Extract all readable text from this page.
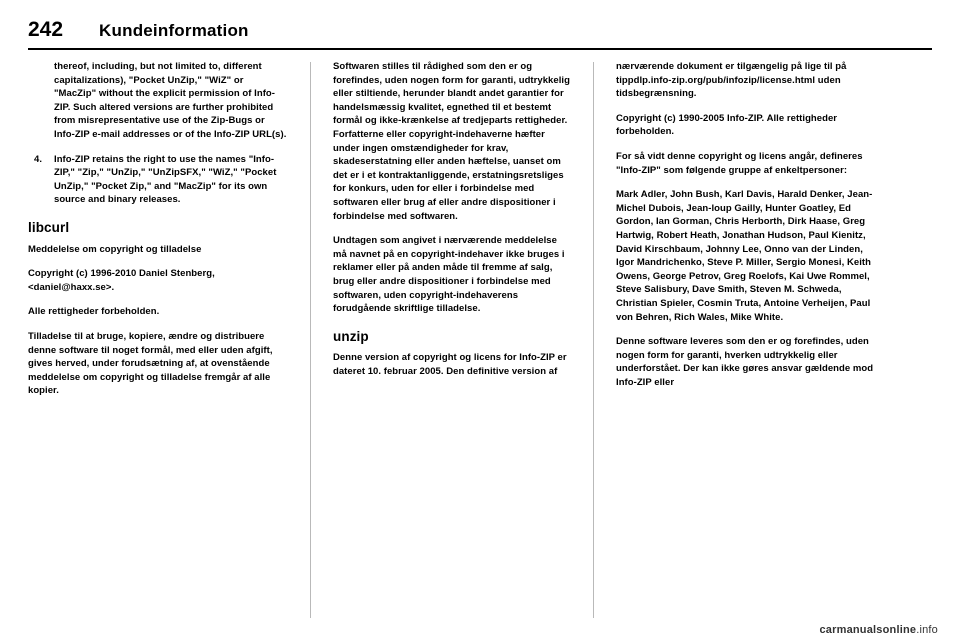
242 Kundeinformation

thereof, including, but not limited to, different capitalizations), "Pocket UnZip," "WiZ" or "MacZip" without the explicit permission of Info-ZIP. Such altered versions are further prohibited from misrepresentative use of the Zip-Bugs or Info-ZIP e-mail addresses or of the Info-ZIP URL(s).

4. Info-ZIP retains the right to use the names "Info-ZIP," "Zip," "UnZip," "UnZipSFX," "WiZ," "Pocket UnZip," "Pocket Zip," and "MacZip" for its own source and binary releases.
libcurl

Meddelelse om copyright og tilladelse

Copyright (c) 1996-2010 Daniel Stenberg, <daniel@haxx.se>.

Alle rettigheder forbeholden.

Tilladelse til at bruge, kopiere, ændre og distribuere denne software til noget formål, med eller uden afgift, gives herved, under forudsætning af, at ovenstående meddelelse om copyright og tilladelse fremgår af alle kopier.

Softwaren stilles til rådighed som den er og forefindes, uden nogen form for garanti, udtrykkelig eller stiltiende, herunder blandt andet garantier for handelsmæssig kvalitet, egnethed til et bestemt formål og ikke-krænkelse af tredjeparts rettigheder. Forfatterne eller copyright-indehaverne hæfter under ingen omstændigheder for krav, skadeserstatning eller anden hæftelse, uanset om det er i et kontraktanliggende, erstatningsretsliges for konkurs, uden for eller i forbindelse med softwaren eller brug af eller andre dispositioner i forbindelse med softwaren.

Undtagen som angivet i nærværende meddelelse må navnet på en copyright-indehaver ikke bruges i reklamer eller på anden måde til fremme af salg, brug eller andre dispositioner i forbindelse med softwaren, uden copyright-indehaverens forudgående skriftlige tilladelse.

unzip

Denne version af copyright og licens for Info-ZIP er dateret 10. februar 2005. Den definitive version af

nærværende dokument er tilgængelig på lige til på tippdlp.info-zip.org/pub/infozip/license.html uden tidsbegrænsning.

Copyright (c) 1990-2005 Info-ZIP. Alle rettigheder forbeholden.

For så vidt denne copyright og licens angår, defineres "Info-ZIP" som følgende gruppe af enkeltpersoner:

Mark Adler, John Bush, Karl Davis, Harald Denker, Jean-Michel Dubois, Jean-loup Gailly, Hunter Goatley, Ed Gordon, Ian Gorman, Chris Herborth, Dirk Haase, Greg Hartwig, Robert Heath, Jonathan Hudson, Paul Kienitz, David Kirschbaum, Johnny Lee, Onno van der Linden, Igor Mandrichenko, Steve P. Miller, Sergio Monesi, Keith Owens, George Petrov, Greg Roelofs, Kai Uwe Rommel, Steve Salisbury, Dave Smith, Steven M. Schweda, Christian Spieler, Cosmin Truta, Antoine Verheijen, Paul von Behren, Rich Wales, Mike White.

Denne software leveres som den er og forefindes, uden nogen form for garanti, hverken udtrykkelig eller underforstået. Der kan ikke gøres ansvar gældende mod Info-ZIP eller

carmanualsonline.info
